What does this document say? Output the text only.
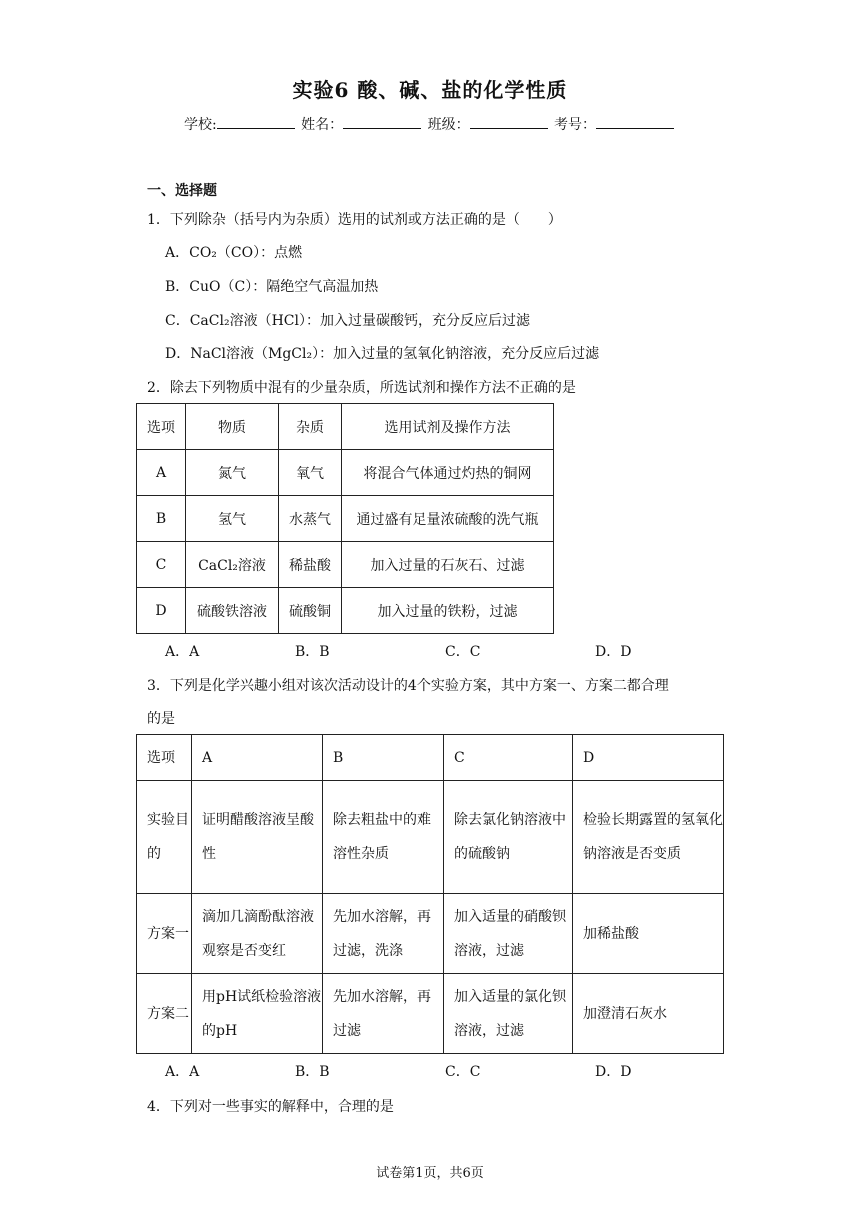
实验6 酸、碱、盐的化学性质
学校:	姓名：	班级：	考号：
一、选择题
1．下列除杂（括号内为杂质）选用的试剂或方法正确的是（　　）
A．CO₂（CO）：点燃
B．CuO（C）：隔绝空气高温加热
C．CaCl₂溶液（HCl）：加入过量碳酸钙，充分反应后过滤
D．NaCl溶液（MgCl₂）：加入过量的氢氧化钠溶液，充分反应后过滤
2．除去下列物质中混有的少量杂质，所选试剂和操作方法不正确的是
选项	物质	杂质	选用试剂及操作方法
A	氮气	氧气	将混合气体通过灼热的铜网
B	氢气	水蒸气	通过盛有足量浓硫酸的洗气瓶
C	CaCl₂溶液	稀盐酸	加入过量的石灰石、过滤
D	硫酸铁溶液	硫酸铜	加入过量的铁粉，过滤
A．A	B．B	C．C	D．D
3．下列是化学兴趣小组对该次活动设计的4个实验方案，其中方案一、方案二都合理
的是
选项	A	B	C	D
实验目的	证明醋酸溶液呈酸性	除去粗盐中的难溶性杂质	除去氯化钠溶液中的硫酸钠	检验长期露置的氢氧化钠溶液是否变质
方案一	滴加几滴酚酞溶液观察是否变红	先加水溶解，再过滤，洗涤	加入适量的硝酸钡溶液，过滤	加稀盐酸
方案二	用pH试纸检验溶液的pH	先加水溶解，再过滤	加入适量的氯化钡溶液，过滤	加澄清石灰水
A．A	B．B	C．C	D．D
4．下列对一些事实的解释中，合理的是
试卷第1页，共6页
